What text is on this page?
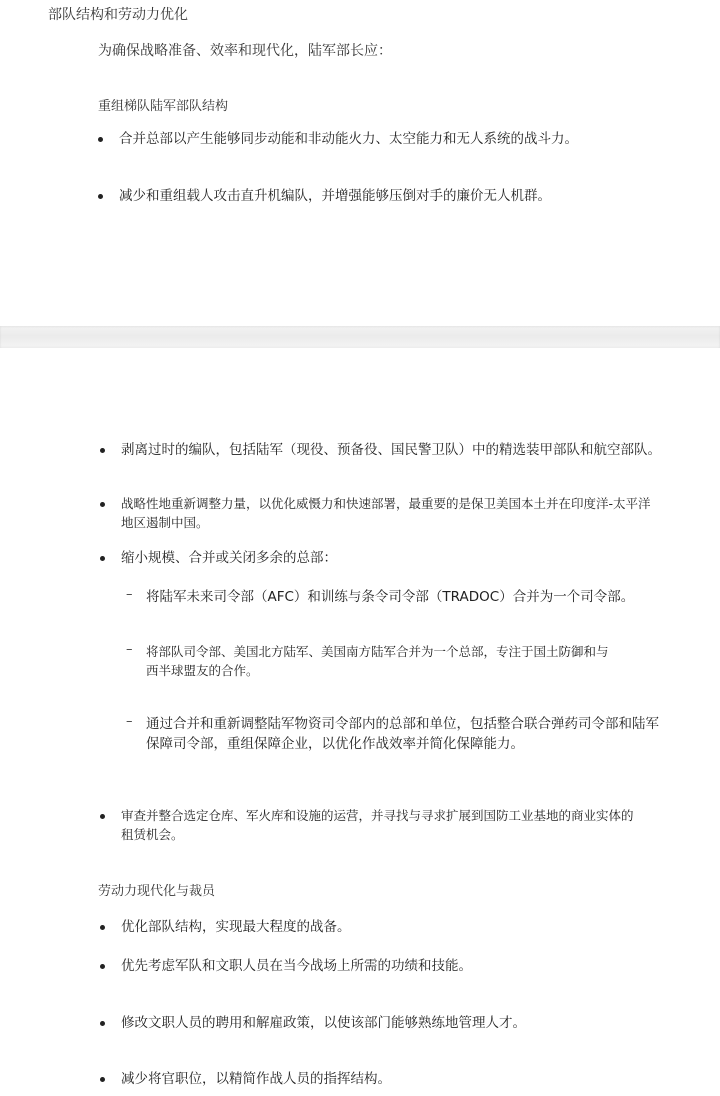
部队结构和劳动力优化
为确保战略准备、效率和现代化，陆军部长应：
重组梯队陆军部队结构
合并总部以产生能够同步动能和非动能火力、太空能力和无人系统的战斗力。
减少和重组载人攻击直升机编队，并增强能够压倒对手的廉价无人机群。
剥离过时的编队，包括陆军（现役、预备役、国民警卫队）中的精选装甲部队和航空部队。
战略性地重新调整力量，以优化威慑力和快速部署，最重要的是保卫美国本土并在印度洋-太平洋地区遏制中国。
缩小规模、合并或关闭多余的总部：
–	将陆军未来司令部（AFC）和训练与条令司令部（TRADOC）合并为一个司令部。
–	将部队司令部、美国北方陆军、美国南方陆军合并为一个总部，专注于国土防御和与西半球盟友的合作。
–	通过合并和重新调整陆军物资司令部内的总部和单位，包括整合联合弹药司令部和陆军保障司令部，重组保障企业，以优化作战效率并简化保障能力。
审查并整合选定仓库、军火库和设施的运营，并寻找与寻求扩展到国防工业基地的商业实体的租赁机会。
劳动力现代化与裁员
优化部队结构，实现最大程度的战备。
优先考虑军队和文职人员在当今战场上所需的功绩和技能。
修改文职人员的聘用和解雇政策，以使该部门能够熟练地管理人才。
减少将官职位，以精简作战人员的指挥结构。
